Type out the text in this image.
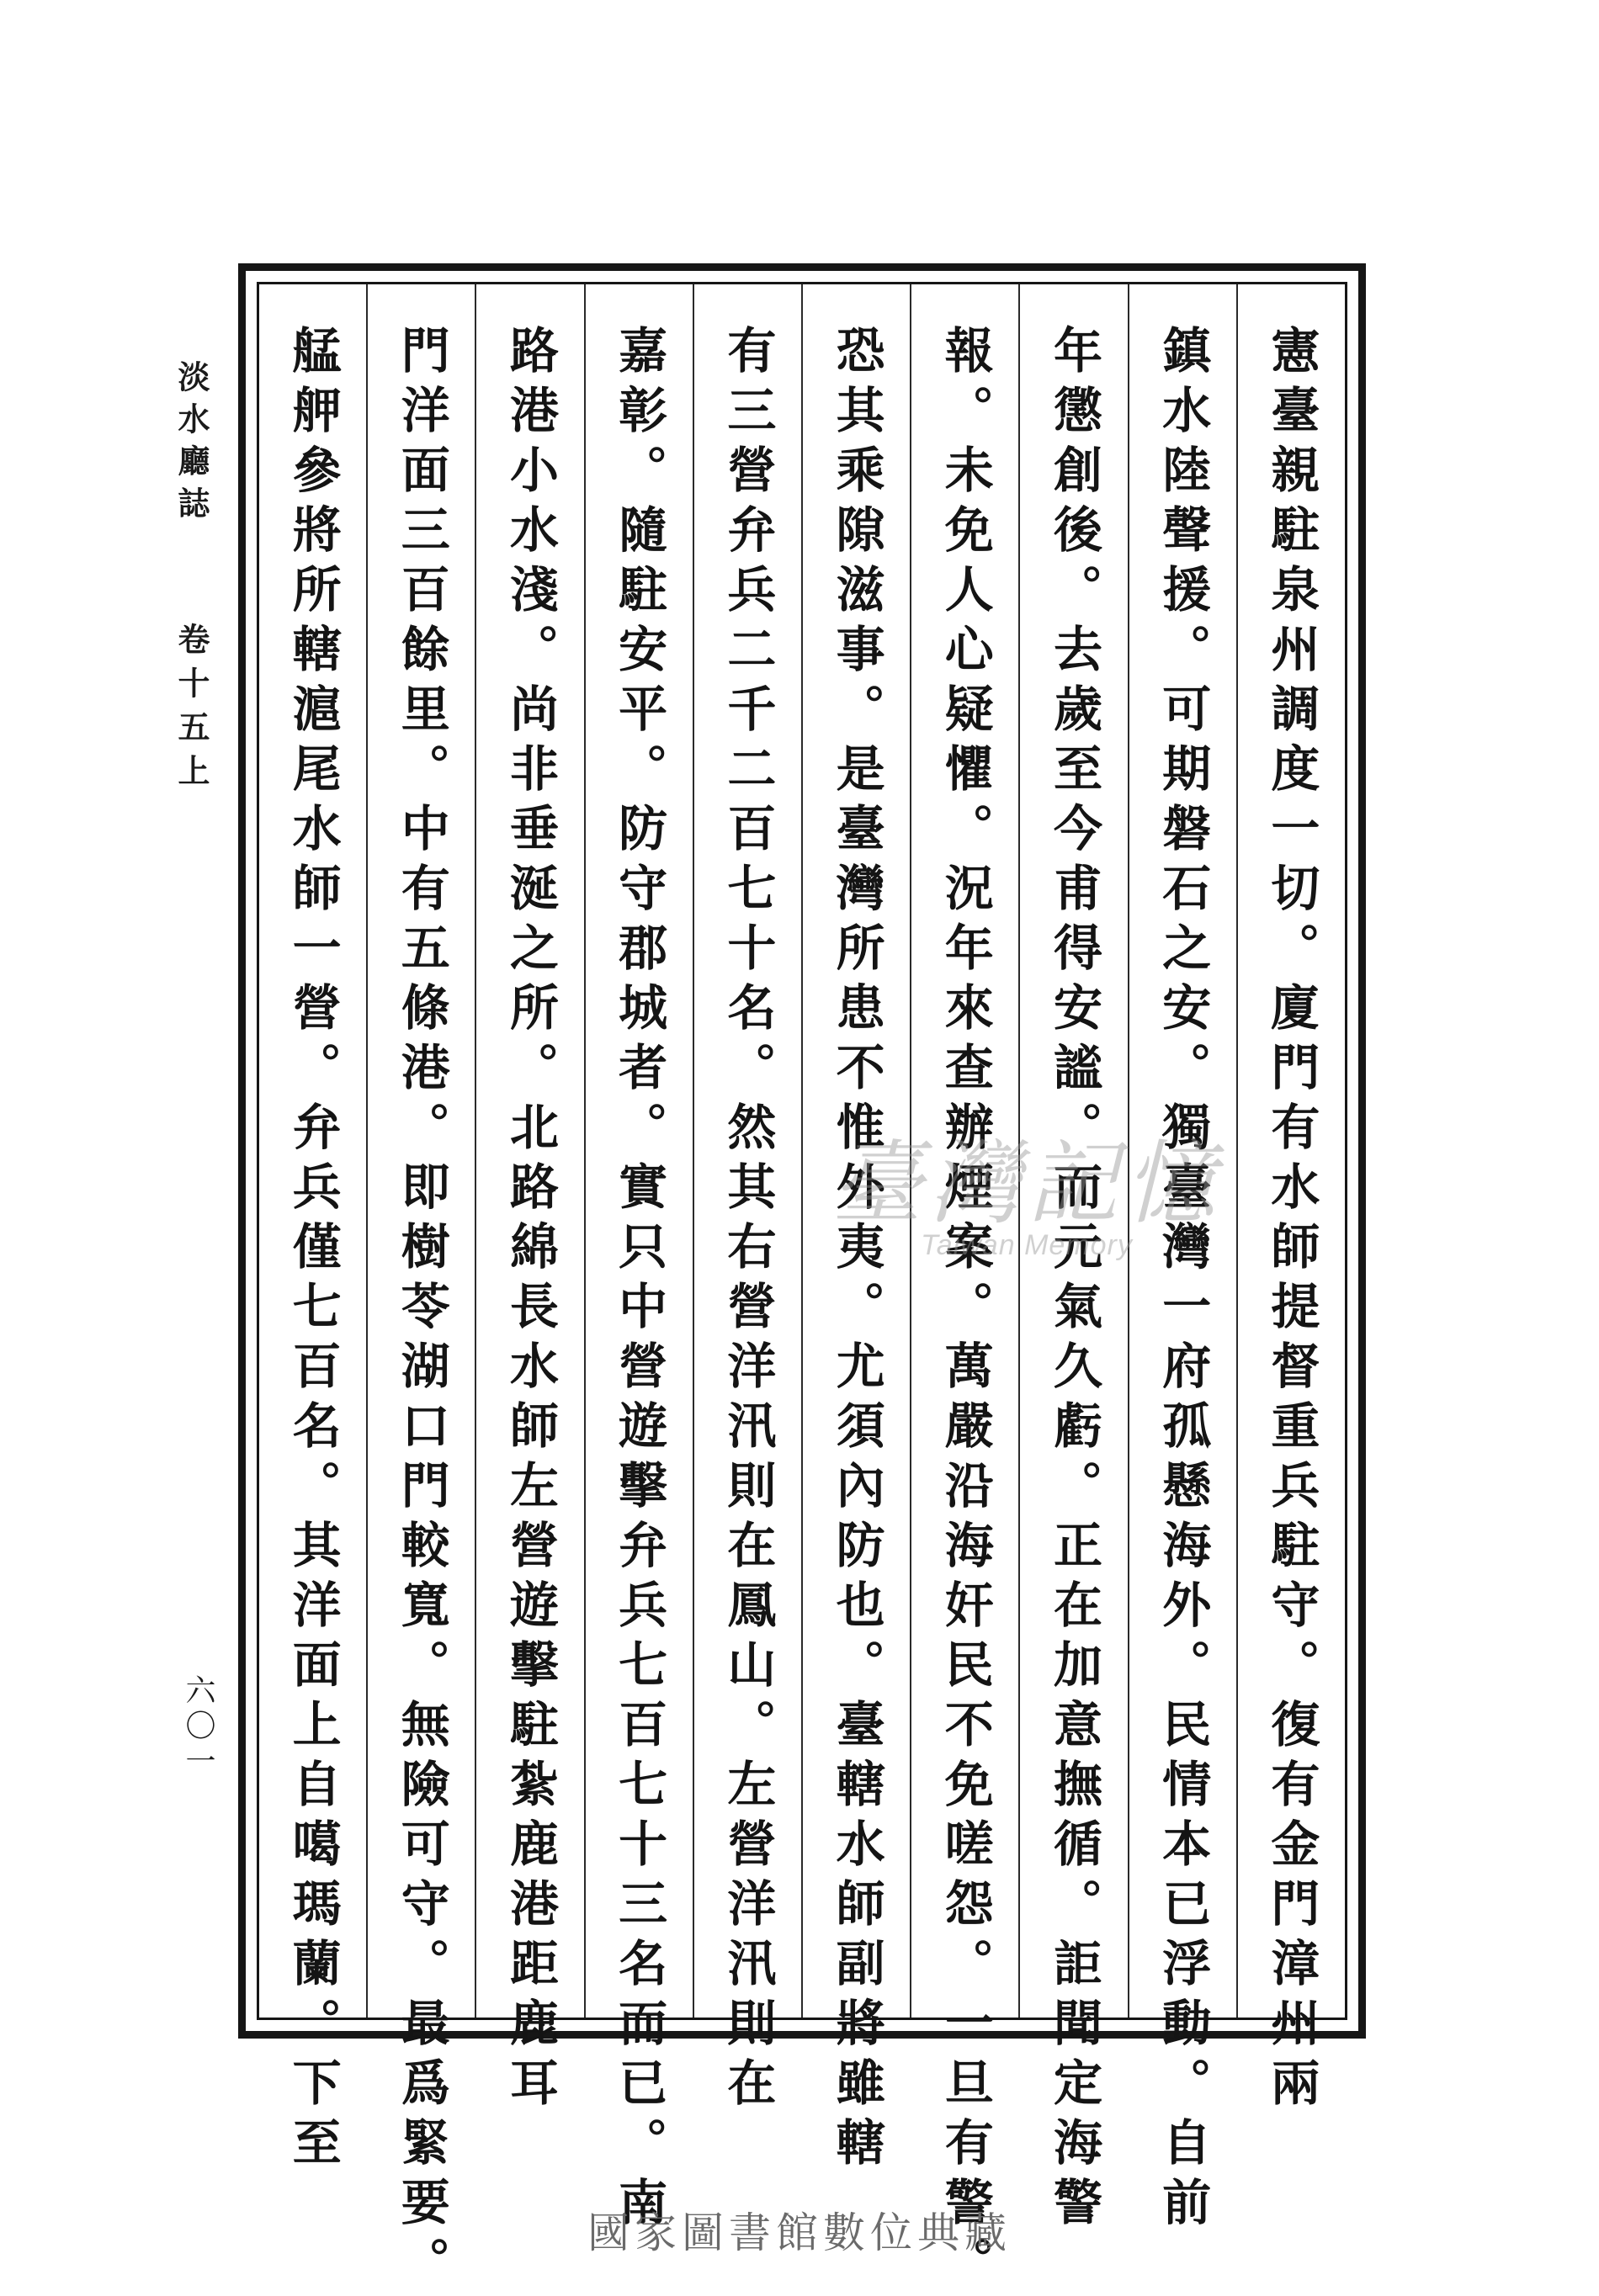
淡水廳誌
卷十五上
六〇一	憲臺親駐泉州調度一切。廈門有水師提督重兵駐守。復有金門漳州兩
鎮水陸聲援。可期磐石之安。獨臺灣一府孤懸海外。民情本已浮動。自前
年懲創後。去歲至今甫得安謐。而元氣久虧。正在加意撫循。詎聞定海警
報。未免人心疑懼。況年來查辦煙案。萬嚴沿海奸民不免嗟怨。一旦有警。
恐其乘隙滋事。是臺灣所患不惟外夷。尤須內防也。臺轄水師副將雖轄
有三營弁兵二千二百七十名。然其右營洋汛則在鳳山。左營洋汛則在
嘉彰。隨駐安平。防守郡城者。實只中營遊擊弁兵七百七十三名而已。南
路港小水淺。尚非垂涎之所。北路綿長水師左營遊擊駐紮鹿港距鹿耳
門洋面三百餘里。中有五條港。即樹苓湖口門較寬。無險可守。最爲緊要。
艋舺參將所轄滬尾水師一營。弁兵僅七百名。其洋面上自噶瑪蘭。下至	臺灣記憶
Taiwan Memory
國家圖書館數位典藏
